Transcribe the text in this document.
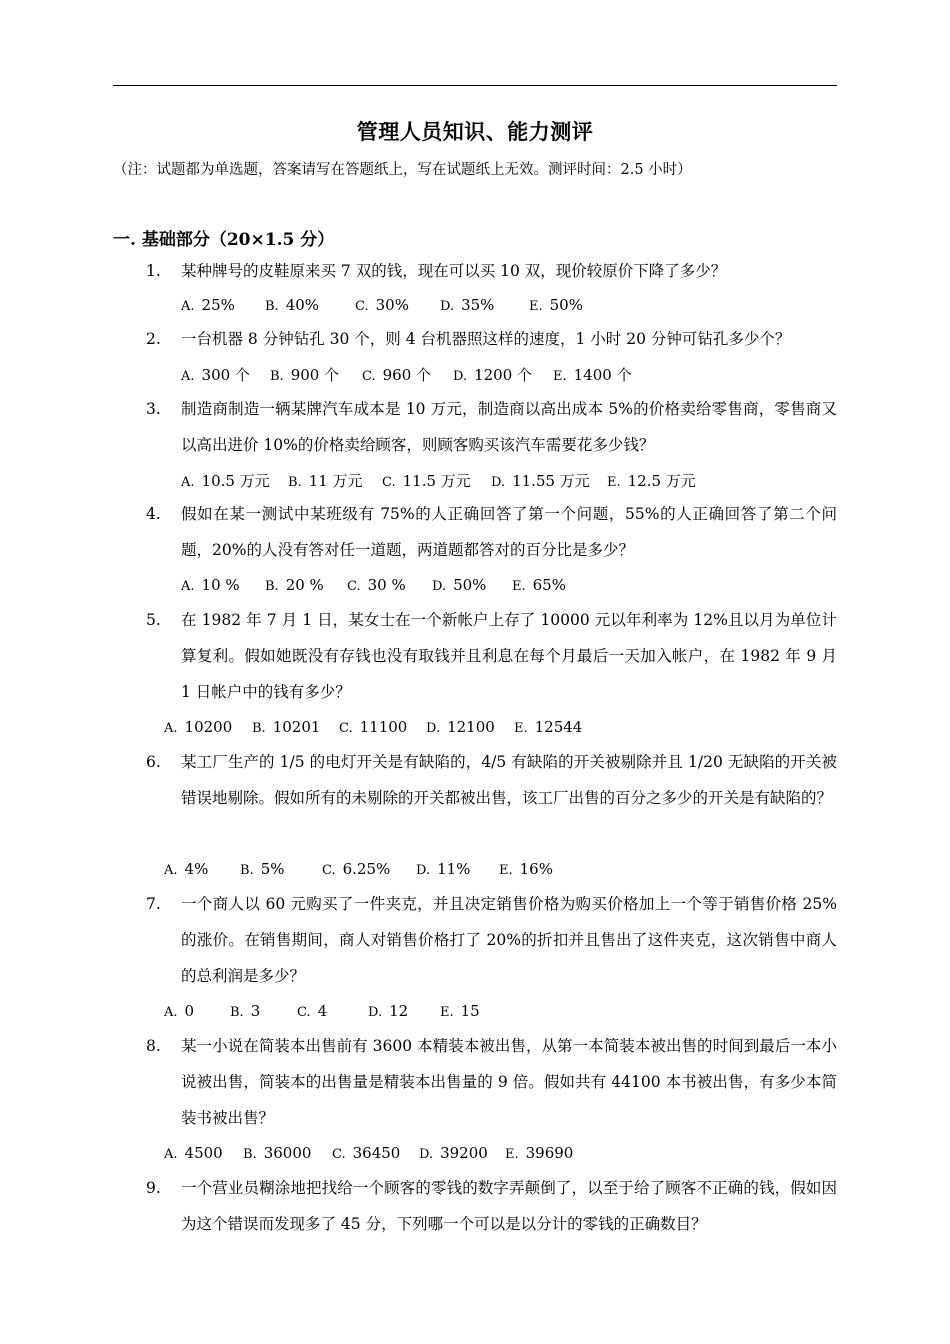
管理人员知识、能力测评
（注：试题都为单选题，答案请写在答题纸上，写在试题纸上无效。测评时间：2.5 小时）
一. 基础部分（20×1.5 分）
1. 某种牌号的皮鞋原来买 7 双的钱，现在可以买 10 双，现价较原价下降了多少？
A. 25% B. 40%	C. 30% D. 35%	E. 50%
2. 一台机器 8 分钟钻孔 30 个，则 4 台机器照这样的速度，1 小时 20 分钟可钻孔多少个？
A. 300 个 B. 900 个 C. 960 个 D. 1200 个 E. 1400 个
3. 制造商制造一辆某牌汽车成本是 10 万元，制造商以高出成本 5%的价格卖给零售商，零售商又以高出进价 10%的价格卖给顾客，则顾客购买该汽车需要花多少钱？
A. 10.5 万元 B. 11 万元 C. 11.5 万元 D. 11.55 万元 E. 12.5 万元
4. 假如在某一测试中某班级有 75%的人正确回答了第一个问题，55%的人正确回答了第二个问题，20%的人没有答对任一道题，两道题都答对的百分比是多少？
A. 10 % B. 20 % C. 30 % D. 50% E. 65%
5. 在 1982 年 7 月 1 日，某女士在一个新帐户上存了 10000 元以年利率为 12%且以月为单位计算复利。假如她既没有存钱也没有取钱并且利息在每个月最后一天加入帐户，在 1982 年 9 月 1 日帐户中的钱有多少？
A. 10200 B. 10201 C. 11100 D. 12100 E. 12544
6. 某工厂生产的 1/5 的电灯开关是有缺陷的，4/5 有缺陷的开关被剔除并且 1/20 无缺陷的开关被错误地剔除。假如所有的未剔除的开关都被出售，该工厂出售的百分之多少的开关是有缺陷的？
A. 4% B. 5%	C. 6.25% D. 11% E. 16%
7. 一个商人以 60 元购买了一件夹克，并且决定销售价格为购买价格加上一个等于销售价格 25%的涨价。在销售期间，商人对销售价格打了 20%的折扣并且售出了这件夹克，这次销售中商人的总利润是多少？
A. 0	B. 3	C. 4	D. 12 E. 15
8. 某一小说在简装本出售前有 3600 本精装本被出售，从第一本简装本被出售的时间到最后一本小说被出售，简装本的出售量是精装本出售量的 9 倍。假如共有 44100 本书被出售，有多少本简装书被出售？
A. 4500 B. 36000 C. 36450 D. 39200 E. 39690
9. 一个营业员糊涂地把找给一个顾客的零钱的数字弄颠倒了，以至于给了顾客不正确的钱，假如因为这个错误而发现多了 45 分，下列哪一个可以是以分计的零钱的正确数目？
